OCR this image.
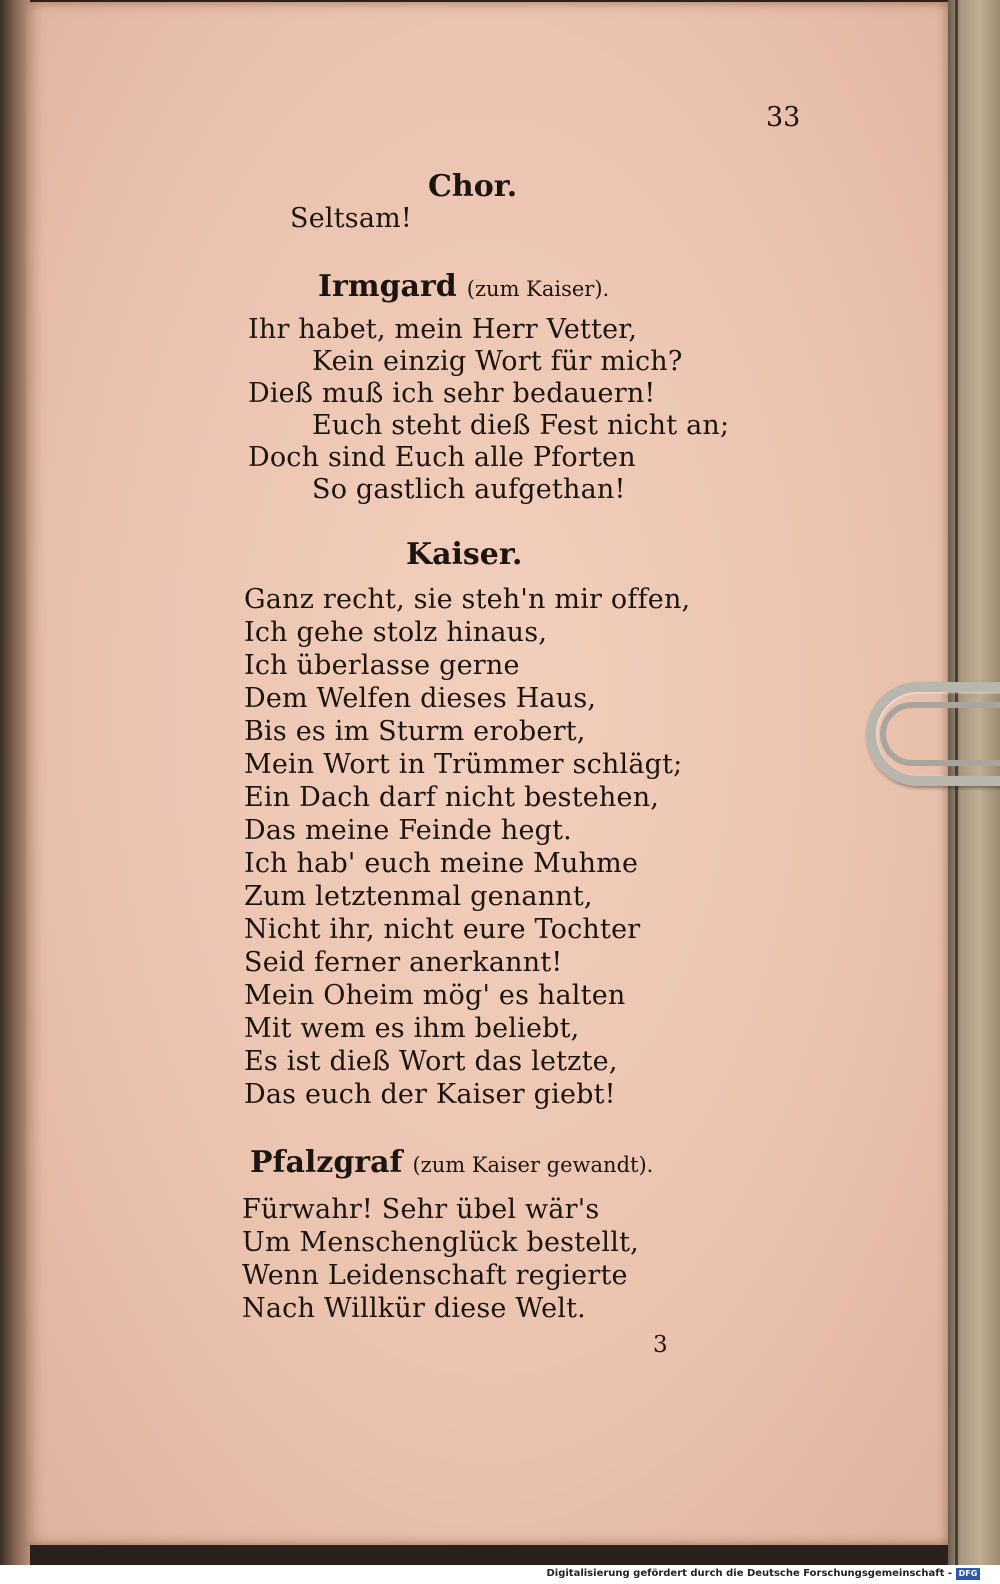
33
Chor.
Seltsam!
Irmgard (zum Kaiser).
Ihr habet, mein Herr Vetter,
Kein einzig Wort für mich?
Dieß muß ich sehr bedauern!
Euch steht dieß Fest nicht an;
Doch sind Euch alle Pforten
So gastlich aufgethan!
Kaiser.
Ganz recht, sie steh'n mir offen,
Ich gehe stolz hinaus,
Ich überlasse gerne
Dem Welfen dieses Haus,
Bis es im Sturm erobert,
Mein Wort in Trümmer schlägt;
Ein Dach darf nicht bestehen,
Das meine Feinde hegt.
Ich hab' euch meine Muhme
Zum letztenmal genannt,
Nicht ihr, nicht eure Tochter
Seid ferner anerkannt!
Mein Oheim mög' es halten
Mit wem es ihm beliebt,
Es ist dieß Wort das letzte,
Das euch der Kaiser giebt!
Pfalzgraf (zum Kaiser gewandt).
Fürwahr! Sehr übel wär's
Um Menschenglück bestellt,
Wenn Leidenschaft regierte
Nach Willkür diese Welt.
3
Digitalisierung gefördert durch die Deutsche Forschungsgemeinschaft - DFG
